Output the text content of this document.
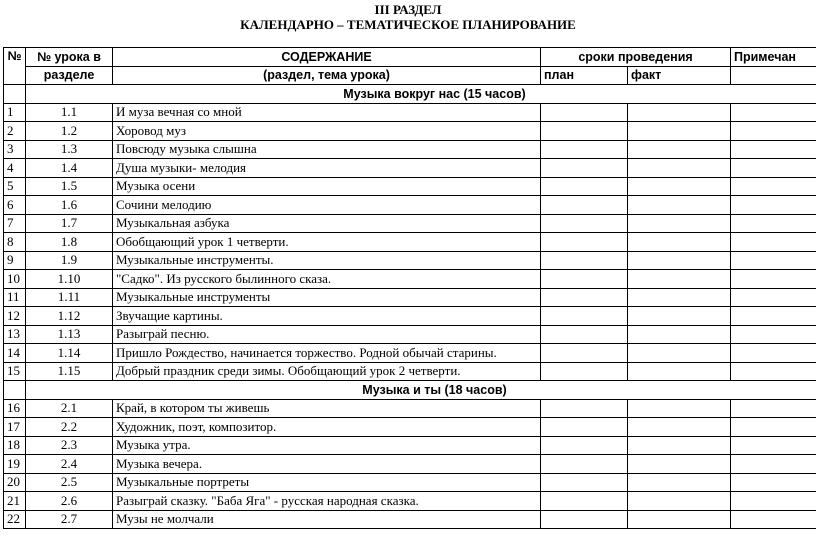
III РАЗДЕЛ
КАЛЕНДАРНО – ТЕМАТИЧЕСКОЕ ПЛАНИРОВАНИЕ
№	№ урока в	СОДЕРЖАНИЕ	сроки проведения		Примечан
	разделе	(раздел, тема урока)	план	факт	
	Музыка вокруг нас (15 часов)				
1	1.1	И муза вечная со мной			
2	1.2	Хоровод муз			
3	1.3	Повсюду музыка слышна			
4	1.4	Душа музыки- мелодия			
5	1.5	Музыка осени			
6	1.6	Сочини мелодию			
7	1.7	Музыкальная азбука			
8	1.8	Обобщающий урок 1 четверти.			
9	1.9	Музыкальные инструменты.			
10	1.10	"Садко". Из русского былинного сказа.			
11	1.11	Музыкальные инструменты			
12	1.12	Звучащие картины.			
13	1.13	Разыграй песню.			
14	1.14	Пришло Рождество, начинается торжество. Родной обычай старины.			
15	1.15	Добрый праздник среди зимы. Обобщающий урок 2 четверти.			
	Музыка и ты (18 часов)				
16	2.1	Край, в котором ты живешь			
17	2.2	Художник, поэт, композитор.			
18	2.3	Музыка утра.			
19	2.4	Музыка вечера.			
20	2.5	Музыкальные портреты			
21	2.6	Разыграй сказку. "Баба Яга" - русская народная сказка.			
22	2.7	Музы не молчали			
